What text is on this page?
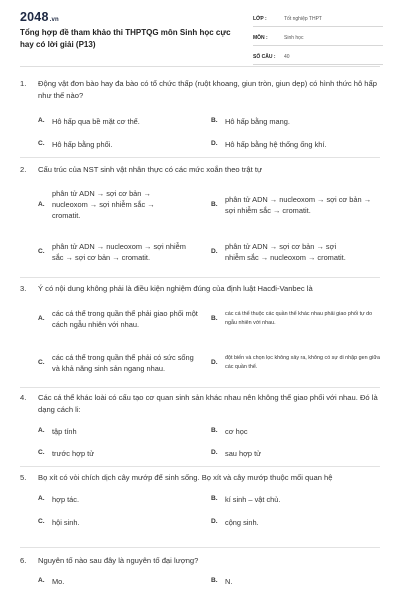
2048.vn
Tổng hợp đề tham khảo thi THPTQG môn Sinh học cực hay có lời giải (P13)
LỚP :	Tốt nghiệp THPT
MÔN :	Sinh học
SỐ CÂU :	40
1.	Động vật đơn bào hay đa bào có tổ chức thấp (ruột khoang, giun tròn, giun dẹp) có hình thức hô hấp như thế nào?
A.	Hô hấp qua bề mặt cơ thể.	B.	Hô hấp bằng mang.
C.	Hô hấp bằng phổi.	D.	Hô hấp bằng hệ thống ống khí.
2.	Cấu trúc của NST sinh vật nhân thực có các mức xoắn theo trật tự
A.
phân tử ADN → sợi cơ bản → nucleoxom → sợi nhiễm sắc → cromatit.
B.
phân tử ADN → nucleoxom → sợi cơ bản → sợi nhiễm sắc → cromatit.
C.
phân tử ADN → nucleoxom → sợi nhiễm sắc → sợi cơ bản → cromatit.
D.
phân tử ADN → sợi cơ bản → sợi nhiễm sắc → nucleoxom → cromatit.
3.	Ý có nội dung không phải là điều kiện nghiệm đúng của định luật Hacđi-Vanbec là
A.
các cá thể trong quần thể phải giao phối một cách ngẫu nhiên với nhau.
B.
các cá thể thuộc các quần thể khác nhau phải giao phối tự do ngẫu nhiên với nhau.
C.
các cá thể trong quần thể phải có sức sống và khả năng sinh sản ngang nhau.
D.
đột biến và chọn lọc không xảy ra, không có sự di nhập gen giữa các quần thể.
4.	Các cá thể khác loài có cấu tạo cơ quan sinh sản khác nhau nên không thể giao phối với nhau. Đó là dạng cách li:
A.	tập tính	B.	cơ học
C.	trước hợp tử	D.	sau hợp tử
5.	Bọ xít có vòi chích dịch cây mướp để sinh sống. Bọ xít và cây mướp thuộc mối quan hệ
A.	hợp tác.	B.	kí sinh – vật chủ.
C.	hội sinh.	D.	cộng sinh.
6.	Nguyên tố nào sau đây là nguyên tố đại lượng?
A.	Mo.	B.	N.
